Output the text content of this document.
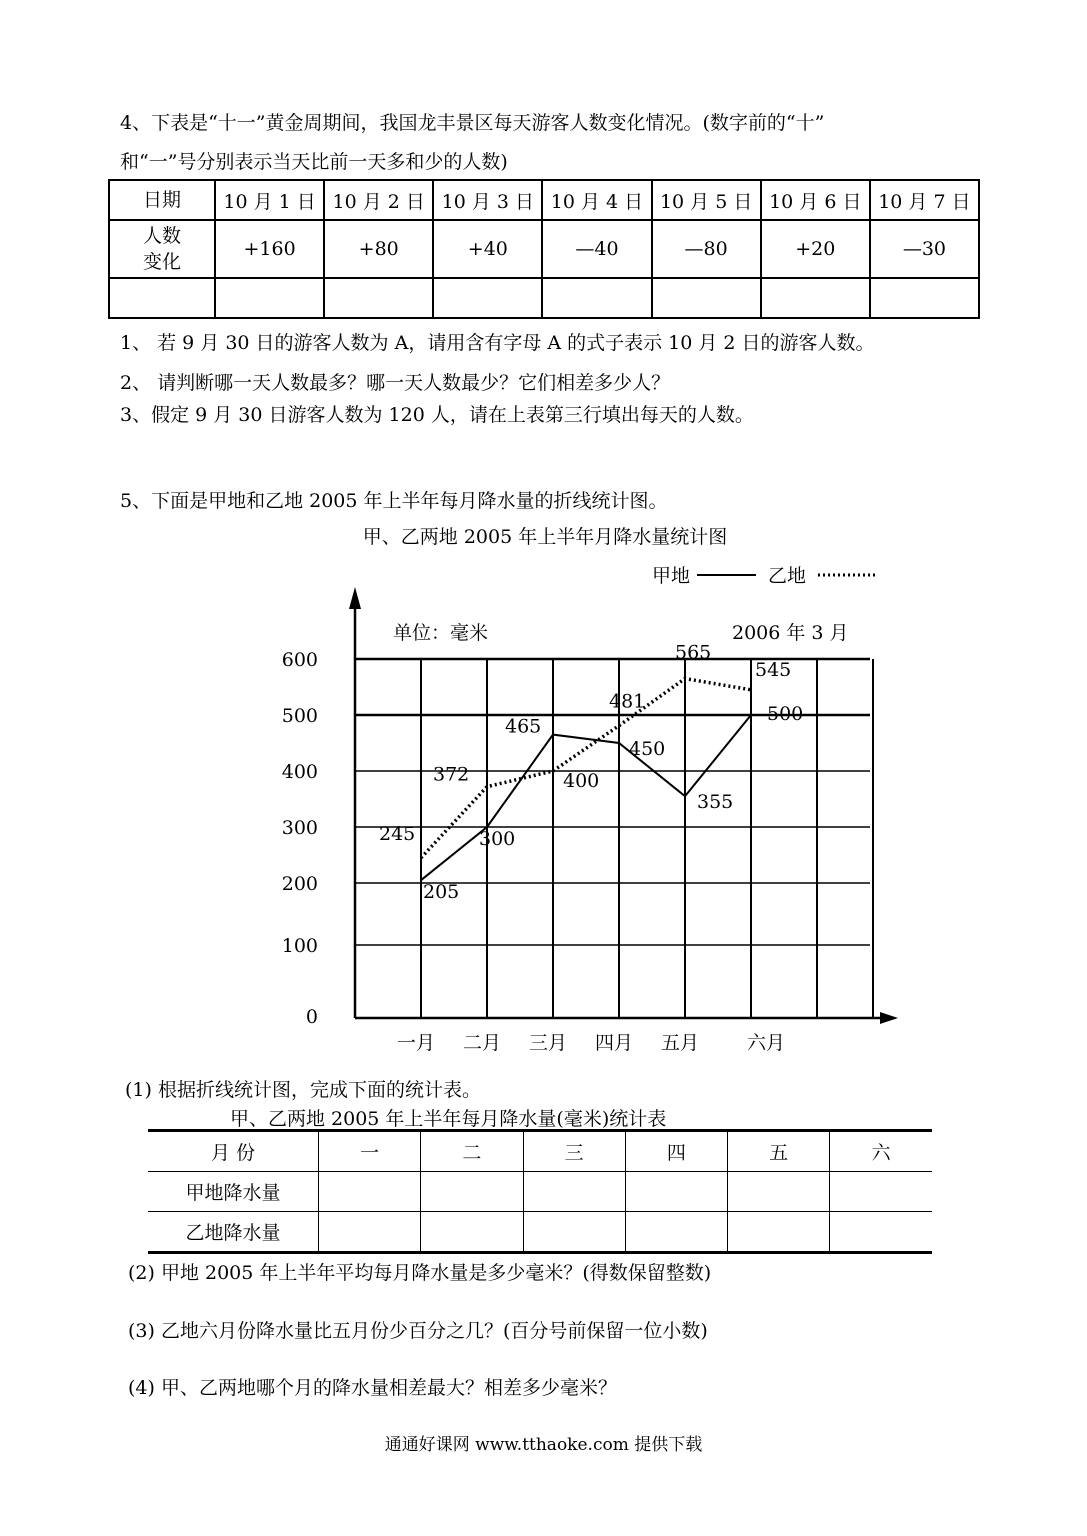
4、下表是“十一”黄金周期间，我国龙丰景区每天游客人数变化情况。(数字前的“十”
和“一”号分别表示当天比前一天多和少的人数)
日期	10 月 1 日	10 月 2 日	10 月 3 日	10 月 4 日	10 月 5 日	10 月 6 日	10 月 7 日
人数
变化	+160	+80	+40	—40	—80	+20	—30

1、 若 9 月 30 日的游客人数为 A，请用含有字母 A 的式子表示 10 月 2 日的游客人数。
2、 请判断哪一天人数最多？哪一天人数最少？它们相差多少人？
3、假定 9 月 30 日游客人数为 120 人，请在上表第三行填出每天的人数。
5、下面是甲地和乙地 2005 年上半年每月降水量的折线统计图。
甲、乙两地 2005 年上半年月降水量统计图
甲地	乙地
单位：毫米	2006 年 3 月
0
100
200
300
400
500
600
一月 二月 三月 四月 五月	六月
205
300
465
450
355
500
245
372	400
481
565
545
(1) 根据折线统计图，完成下面的统计表。
甲、乙两地 2005 年上半年每月降水量(毫米)统计表
月 份	一	二	三	四	五	六
甲地降水量						
乙地降水量						
(2) 甲地 2005 年上半年平均每月降水量是多少毫米？(得数保留整数)
(3) 乙地六月份降水量比五月份少百分之几？(百分号前保留一位小数)
(4) 甲、乙两地哪个月的降水量相差最大？相差多少毫米？
通通好课网 www.tthaoke.com 提供下载
